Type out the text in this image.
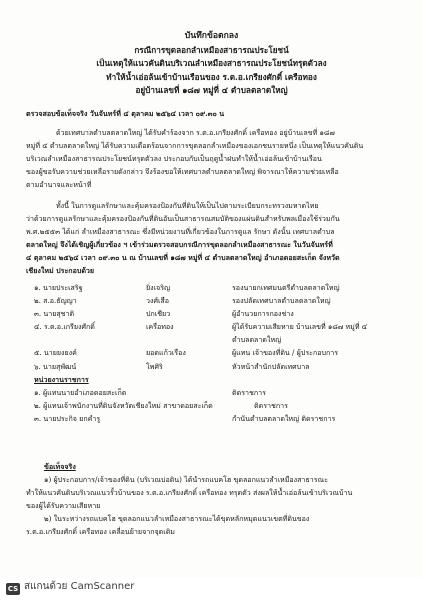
บันทึกข้อตกลง
กรณีการขุดลอกลำเหมืองสาธารณประโยชน์
เป็นเหตุให้แนวคันดินบริเวณลำเหมืองสาธารณประโยชน์ทรุดตัวลง
ทำให้น้ำเอ่อล้นเข้าบ้านเรือนของ ร.ต.อ.เกรียงศักดิ์ เครือทอง
อยู่บ้านเลขที่ ๑๘๗ หมู่ที่ ๔ ตำบลตลาดใหญ่

ตรวจสอบข้อเท็จจริง วันจันทร์ที่ ๔ ตุลาคม ๒๕๖๔ เวลา ๐๙.๓๐ น

ด้วยเทศบาลตำบลตลาดใหญ่ ได้รับคำร้องจาก ร.ต.อ.เกรียงศักดิ์ เครือทอง อยู่บ้านเลขที่ ๑๘๗

หมู่ที่ ๔ ตำบลตลาดใหญ่ ได้รับความเดือดร้อนจากการขุดลอกลำเหมืองของเอกชนรายหนึ่ง เป็นเหตุให้แนวคันดิน

บริเวณลำเหมืองสาธารณประโยชน์ทรุดตัวลง ประกอบกับเป็นฤดูน้ำฝนทำให้น้ำเอ่อล้นเข้าบ้านเรือน

ของผู้ขอรับความช่วยเหลือรายดังกล่าว จึงร้องขอให้เทศบาลตำบลตลาดใหญ่ พิจารณาให้ความช่วยเหลือ

ตามอำนาจและหน้าที่

ทั้งนี้ ในการดูแลรักษาและคุ้มครองป้องกันที่ดินให้เป็นไปตามระเบียบกระทรวงมหาดไทย

ว่าด้วยการดูแลรักษาและคุ้มครองป้องกันที่ดินอันเป็นสาธารณสมบัติของแผ่นดินสำหรับพลเมืองใช้ร่วมกัน

พ.ศ.๒๕๕๓ ได้แก่ ลำเหมืองสาธารณะ ซึ่งมีหน่วยงานที่เกี่ยวข้องในการดูแล รักษา ดังนั้น เทศบาลตำบล

ตลาดใหญ่ จึงได้เชิญผู้เกี่ยวข้อง ฯ เข้าร่วมตรวจสอบกรณีการขุดลอกลำเหมืองสาธารณะ ในวันจันทร์ที่

๔ ตุลาคม ๒๕๖๔ เวลา ๐๙.๓๐ น ณ บ้านเลขที่ ๑๘๗ หมู่ที่ ๔ ตำบลตลาดใหญ่ อำเภอดอยสะเก็ด จังหวัด

เชียงใหม่ ประกอบด้วย

๑. นายประเสริฐ	ยิ่งเจริญ	รองนายกเทศมนตรีตำบลตลาดใหญ่
๒. ส.อ.ธัญญา	วงศ์เสือ	รองปลัดเทศบาลตำบลตลาดใหญ่
๓. นายสุชาติ	ปกเชียว	ผู้อำนวยการกองช่าง
๔. ร.ต.อ.เกรียงศักดิ์	เครือทอง	ผู้ได้รับความเสียหาย บ้านเลขที่ ๑๘๗ หมู่ที่ ๔
ตำบลตลาดใหญ่
๕. นายยงยงค์	ยอดแก้วเรือง	ผู้แทน เจ้าของที่ดิน / ผู้ประกอบการ
๖. นายสุพัฒน์	โพศิริ	หัวหน้าสำนักปลัดเทศบาล
หน่วยงานราชการ
๑. ผู้แทนนายอำเภอดอยสะเก็ด	ติดราชการ
๒. ผู้แทนเจ้าพนักงานที่ดินจังหวัดเชียงใหม่ สาขาดอยสะเก็ด	ติดราชการ
๓. นายประกิจ ยกคำรู	กำนันตำบลตลาดใหญ่ ติดราชการ

ข้อเท็จจริง

๑) ผู้ประกอบการ/เจ้าของที่ดิน (บริเวณบ่อดิน) ได้นำรถแบคโฮ ขุดลอกแนวลำเหมืองสาธารณะ

ทำให้แนวคันดินบริเวณแนวรั้วบ้านของ ร.ต.อ.เกรียงศักดิ์ เครือทอง ทรุดตัว ส่งผลให้น้ำเอ่อล้นเข้าบริเวณบ้าน

ของผู้ได้รับความเสียหาย

๒) ในระหว่างรถแบคโฮ ขุดลอกแนวลำเหมืองสาธารณะได้ขุดหลักหมุดแนวเขตที่ดินของ

ร.ต.อ.เกรียงศักดิ์ เครือทอง เคลื่อนย้ายจากจุดเดิม

CS สแกนด้วย CamScanner
